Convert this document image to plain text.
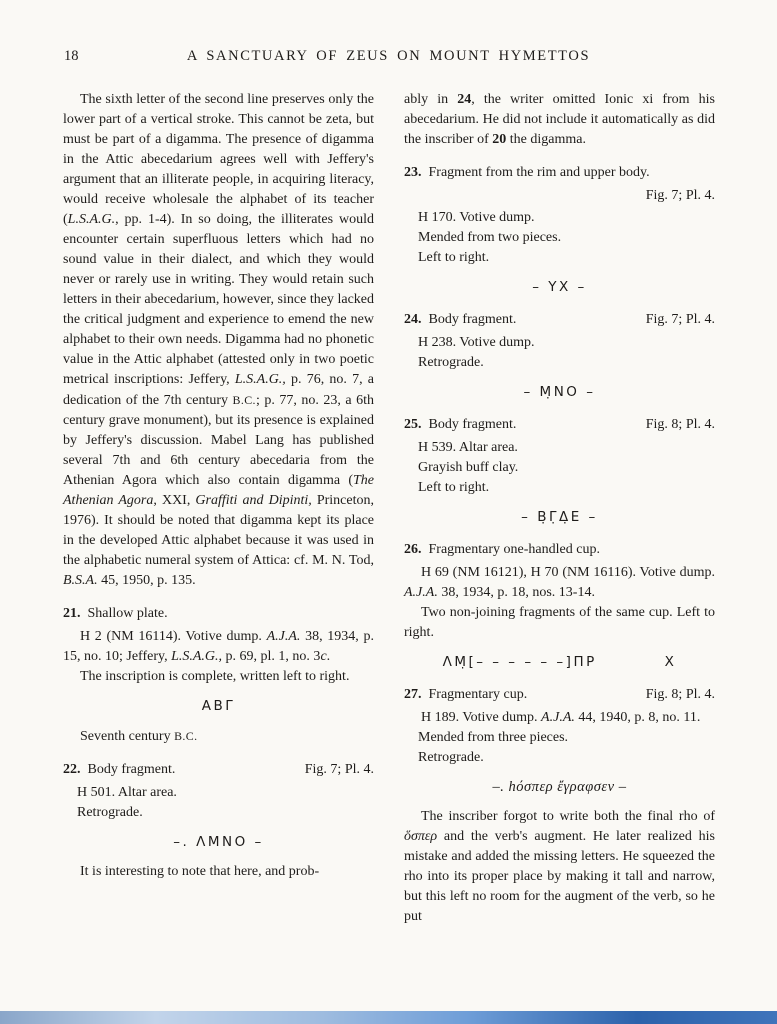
18	A SANCTUARY OF ZEUS ON MOUNT HYMETTOS

The sixth letter of the second line preserves only the lower part of a vertical stroke. This cannot be zeta, but must be part of a digamma. The presence of digamma in the Attic abecedarium agrees well with Jeffery's argument that an illiterate people, in acquiring literacy, would receive wholesale the alphabet of its teacher (L.S.A.G., pp. 1-4). In so doing, the illiterates would encounter certain superfluous letters which had no sound value in their dialect, and which they would never or rarely use in writing. They would retain such letters in their abecedarium, however, since they lacked the critical judgment and experience to emend the new alphabet to their own needs. Digamma had no phonetic value in the Attic alphabet (attested only in two poetic metrical inscriptions: Jeffery, L.S.A.G., p. 76, no. 7, a dedication of the 7th century B.C.; p. 77, no. 23, a 6th century grave monument), but its presence is explained by Jeffery's discussion. Mabel Lang has published several 7th and 6th century abecedaria from the Athenian Agora which also contain digamma (The Athenian Agora, XXI, Graffiti and Dipinti, Princeton, 1976). It should be noted that digamma kept its place in the developed Attic alphabet because it was used in the alphabetic numeral system of Attica: cf. M. N. Tod, B.S.A. 45, 1950, p. 135.

21.  Shallow plate.

H 2 (NM 16114). Votive dump. A.J.A. 38, 1934, p. 15, no. 10; Jeffery, L.S.A.G., p. 69, pl. 1, no. 3c.

The inscription is complete, written left to right.

ΑΒΓ

Seventh century B.C.

22.  Body fragment.	Fig. 7; Pl. 4.

H 501. Altar area.

Retrograde.

–. ΛΜΝΟ –

It is interesting to note that here, and prob-

ably in 24, the writer omitted Ionic xi from his abecedarium. He did not include it automatically as did the inscriber of 20 the digamma.

23.  Fragment from the rim and upper body.

Fig. 7; Pl. 4.

H 170. Votive dump.

Mended from two pieces.

Left to right.

– ΥΧ –

24.  Body fragment.	Fig. 7; Pl. 4.

H 238. Votive dump.

Retrograde.

– Μ̣ΝΟ –

25.  Body fragment.	Fig. 8; Pl. 4.

H 539. Altar area.

Grayish buff clay.

Left to right.

– Β̣Γ̣Δ̣Ε –

26.  Fragmentary one-handled cup.

H 69 (NM 16121), H 70 (NM 16116). Votive dump. A.J.A. 38, 1934, p. 18, nos. 13-14.

Two non-joining fragments of the same cup. Left to right.

ΛΜ̣[– – – – – –]ΠΡ          Χ

27.  Fragmentary cup.	Fig. 8; Pl. 4.

H 189. Votive dump. A.J.A. 44, 1940, p. 8, no. 11.

Mended from three pieces.

Retrograde.

–. hόσπερ ἔγραφσεν –

The inscriber forgot to write both the final rho of ὅσπερ and the verb's augment. He later realized his mistake and added the missing letters. He squeezed the rho into its proper place by making it tall and narrow, but this left no room for the augment of the verb, so he put
